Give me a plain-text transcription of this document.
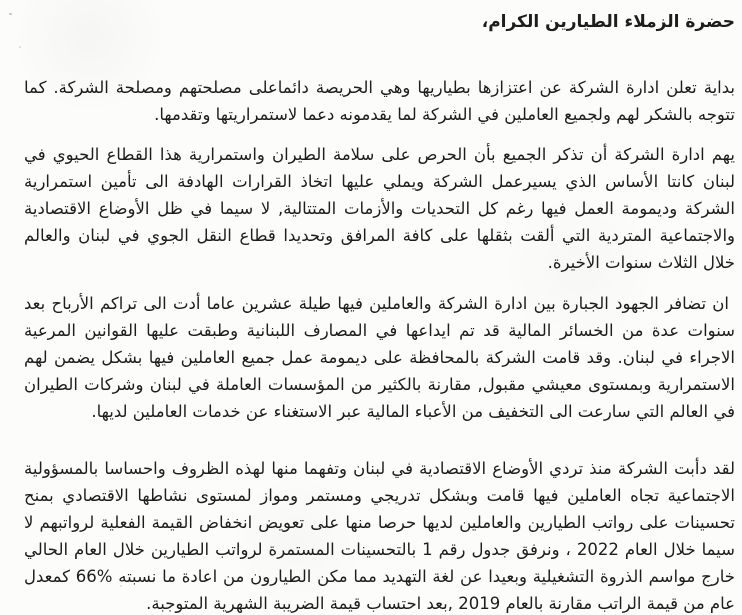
حضرة الزملاء الطيارين الكرام،

بداية تعلن ادارة الشركة عن اعتزازها بطياريها وهي الحريصة دائماعلى مصلحتهم ومصلحة الشركة. كما تتوجه بالشكر لهم ولجميع العاملين في الشركة لما يقدمونه دعما لاستمراريتها وتقدمها.

يهم ادارة الشركة أن تذكر الجميع بأن الحرص على سلامة الطيران واستمرارية هذا القطاع الحيوي في لبنان كانتا الأساس الذي يسيرعمل الشركة ويملي عليها اتخاذ القرارات الهادفة الى تأمين استمرارية الشركة وديمومة العمل فيها رغم كل التحديات والأزمات المتتالية, لا سيما في ظل الأوضاع الاقتصادية والاجتماعية المتردية التي ألقت بثقلها على كافة المرافق وتحديدا قطاع النقل الجوي في لبنان والعالم خلال الثلاث سنوات الأخيرة.

ان تضافر الجهود الجبارة بين ادارة الشركة والعاملين فيها طيلة عشرين عاما أدت الى تراكم الأرباح بعد سنوات عدة من الخسائر المالية قد تم ايداعها في المصارف اللبنانية وطبقت عليها القوانين المرعية الاجراء في لبنان. وقد قامت الشركة بالمحافظة على ديمومة عمل جميع العاملين فيها بشكل يضمن لهم الاستمرارية وبمستوى معيشي مقبول, مقارنة بالكثير من المؤسسات العاملة في لبنان وشركات الطيران في العالم التي سارعت الى التخفيف من الأعباء المالية عبر الاستغناء عن خدمات العاملين لديها.

لقد دأبت الشركة منذ تردي الأوضاع الاقتصادية في لبنان وتفهما منها لهذه الظروف واحساسا بالمسؤولية الاجتماعية تجاه العاملين فيها قامت وبشكل تدريجي ومستمر ومواز لمستوى نشاطها الاقتصادي بمنح تحسينات على رواتب الطيارين والعاملين لديها حرصا منها على تعويض انخفاض القيمة الفعلية لرواتبهم لا سيما خلال العام 2022 ، ونرفق جدول رقم 1 بالتحسينات المستمرة لرواتب الطيارين خلال العام الحالي خارج مواسم الذروة التشغيلية وبعيدا عن لغة التهديد مما مكن الطيارون من اعادة ما نسبته %66 كمعدل عام من قيمة الراتب مقارنة بالعام 2019 ,بعد احتساب قيمة الضريبة الشهرية المتوجبة.
